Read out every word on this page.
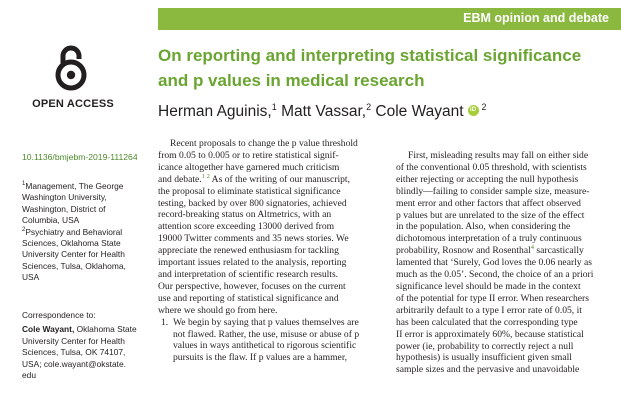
EBM opinion and debate
OPEN ACCESS
On reporting and interpreting statistical significance
and p values in medical research
Herman Aguinis,$^1$ Matt Vassar,$^2$ Cole Wayant	iD $^2$
10.1136/bmjebm-2019-111264

$^1$Management, The George
Washington University,
Washington, District of
Columbia, USA

$^2$Psychiatry and Behavioral
Sciences, Oklahoma State
University Center for Health
Sciences, Tulsa, Oklahoma,
USA

Correspondence to:
Cole Wayant, Oklahoma State
University Center for Health
Sciences, Tulsa, OK 74107,
USA; cole.wayant@okstate.
edu
Recent proposals to change the p value threshold
from 0.05 to 0.005 or to retire statistical signif-
icance altogether have garnered much criticism
and debate.$^{1 2}$ As of the writing of our manuscript,
the proposal to eliminate statistical significance
testing, backed by over 800 signatories, achieved
record-breaking status on Altmetrics, with an
attention score exceeding 13000 derived from
19000 Twitter comments and 35 news stories. We
appreciate the renewed enthusiasm for tackling
important issues related to the analysis, reporting
and interpretation of scientific research results.
Our perspective, however, focuses on the current
use and reporting of statistical significance and
where we should go from here.
1. We begin by saying that p values themselves are
not flawed. Rather, the use, misuse or abuse of p
values in ways antithetical to rigorous scientific
pursuits is the flaw. If p values are a hammer,
First, misleading results may fall on either side
of the conventional 0.05 threshold, with scientists
either rejecting or accepting the null hypothesis
blindly—failing to consider sample size, measure-
ment error and other factors that affect observed
p values but are unrelated to the size of the effect
in the population. Also, when considering the
dichotomous interpretation of a truly continuous
probability, Rosnow and Rosenthal$^4$ sarcastically
lamented that ‘Surely, God loves the 0.06 nearly as
much as the 0.05’. Second, the choice of an a priori
significance level should be made in the context
of the potential for type II error. When researchers
arbitrarily default to a type I error rate of 0.05, it
has been calculated that the corresponding type
II error is approximately 60%, because statistical
power (ie, probability to correctly reject a null
hypothesis) is usually insufficient given small
sample sizes and the pervasive and unavoidable
